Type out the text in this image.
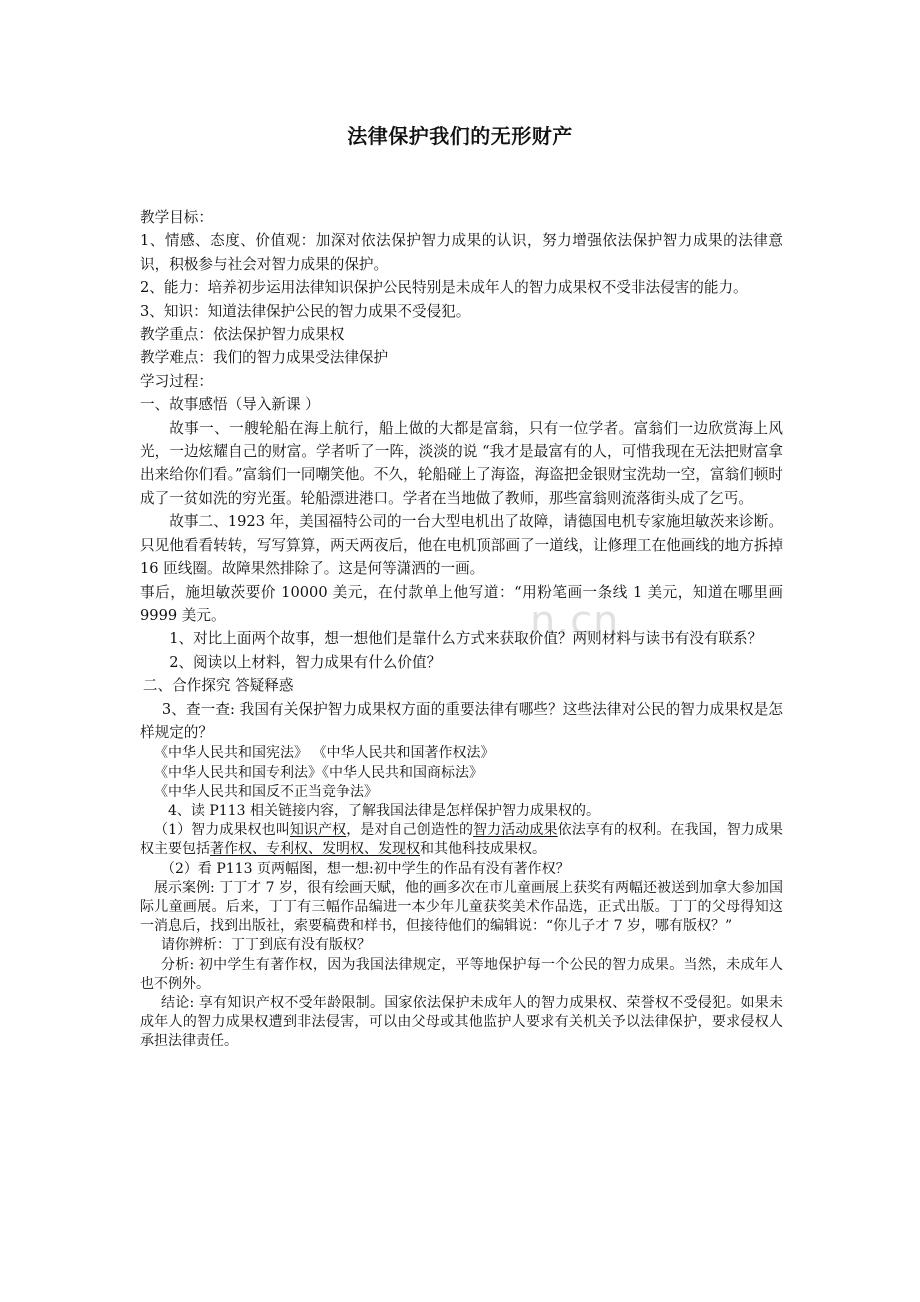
法律保护我们的无形财产
n.cn

教学目标：

1、情感、态度、价值观：加深对依法保护智力成果的认识，努力增强依法保护智力成果的法律意识，积极参与社会对智力成果的保护。

2、能力：培养初步运用法律知识保护公民特别是未成年人的智力成果权不受非法侵害的能力。

3、知识：知道法律保护公民的智力成果不受侵犯。

教学重点：依法保护智力成果权

教学难点：我们的智力成果受法律保护

学习过程：

一、故事感悟（导入新课 ）

故事一、一艘轮船在海上航行，船上做的大都是富翁，只有一位学者。富翁们一边欣赏海上风光，一边炫耀自己的财富。学者听了一阵，淡淡的说 “我才是最富有的人，可惜我现在无法把财富拿出来给你们看。”富翁们一同嘲笑他。不久，轮船碰上了海盗，海盗把金银财宝洗劫一空，富翁们顿时成了一贫如洗的穷光蛋。轮船漂进港口。学者在当地做了教师，那些富翁则流落街头成了乞丐。

故事二、1923 年，美国福特公司的一台大型电机出了故障，请德国电机专家施坦敏茨来诊断。只见他看看转转，写写算算，两天两夜后，他在电机顶部画了一道线，让修理工在他画线的地方拆掉 16 匝线圈。故障果然排除了。这是何等潇洒的一画。

事后，施坦敏茨要价 10000 美元，在付款单上他写道：“用粉笔画一条线 1 美元，知道在哪里画 9999 美元。

1、对比上面两个故事，想一想他们是靠什么方式来获取价值？两则材料与读书有没有联系？

2、阅读以上材料，智力成果有什么价值？

二、合作探究 答疑释惑

3、查一查: 我国有关保护智力成果权方面的重要法律有哪些？这些法律对公民的智力成果权是怎样规定的？

《中华人民共和国宪法》 《中华人民共和国著作权法》

《中华人民共和国专利法》《中华人民共和国商标法》

《中华人民共和国反不正当竞争法》

4、读 P113 相关链接内容，了解我国法律是怎样保护智力成果权的。

（1）智力成果权也叫知识产权，是对自己创造性的智力活动成果依法享有的权利。在我国，智力成果权主要包括著作权、专利权、发明权、发现权和其他科技成果权。

（2）看 P113 页两幅图，想一想:初中学生的作品有没有著作权？

展示案例: 丁丁才 7 岁，很有绘画天赋，他的画多次在市儿童画展上获奖有两幅还被送到加拿大参加国际儿童画展。后来，丁丁有三幅作品编进一本少年儿童获奖美术作品选，正式出版。丁丁的父母得知这一消息后，找到出版社，索要稿费和样书，但接待他们的编辑说：“你儿子才 7 岁，哪有版权？”

请你辨析：丁丁到底有没有版权？

分析: 初中学生有著作权，因为我国法律规定，平等地保护每一个公民的智力成果。当然，未成年人也不例外。

结论: 享有知识产权不受年龄限制。国家依法保护未成年人的智力成果权、荣誉权不受侵犯。如果未成年人的智力成果权遭到非法侵害，可以由父母或其他监护人要求有关机关予以法律保护，要求侵权人承担法律责任。
